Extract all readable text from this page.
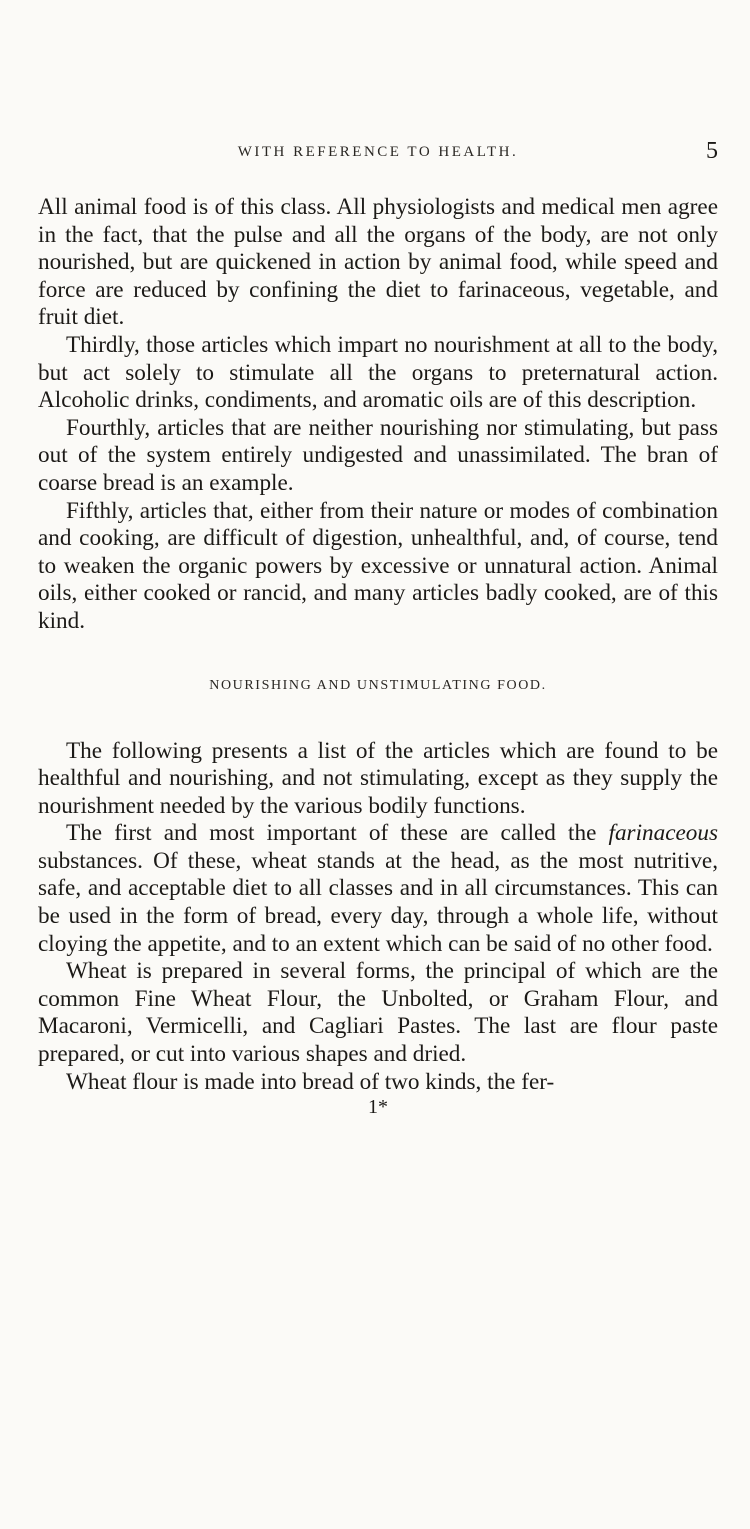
WITH REFERENCE TO HEALTH.	5

All animal food is of this class. All physiologists and medical men agree in the fact, that the pulse and all the organs of the body, are not only nourished, but are quickened in action by animal food, while speed and force are reduced by confining the diet to farinaceous, vegetable, and fruit diet.

Thirdly, those articles which impart no nourishment at all to the body, but act solely to stimulate all the organs to preternatural action. Alcoholic drinks, condiments, and aromatic oils are of this description.

Fourthly, articles that are neither nourishing nor stimulating, but pass out of the system entirely undigested and unassimilated. The bran of coarse bread is an example.

Fifthly, articles that, either from their nature or modes of combination and cooking, are difficult of digestion, unhealthful, and, of course, tend to weaken the organic powers by excessive or unnatural action. Animal oils, either cooked or rancid, and many articles badly cooked, are of this kind.

NOURISHING AND UNSTIMULATING FOOD.

The following presents a list of the articles which are found to be healthful and nourishing, and not stimulating, except as they supply the nourishment needed by the various bodily functions.

The first and most important of these are called the farinaceous substances. Of these, wheat stands at the head, as the most nutritive, safe, and acceptable diet to all classes and in all circumstances. This can be used in the form of bread, every day, through a whole life, without cloying the appetite, and to an extent which can be said of no other food.

Wheat is prepared in several forms, the principal of which are the common Fine Wheat Flour, the Unbolted, or Graham Flour, and Macaroni, Vermicelli, and Cagliari Pastes. The last are flour paste prepared, or cut into various shapes and dried.

Wheat flour is made into bread of two kinds, the fer-

1*
